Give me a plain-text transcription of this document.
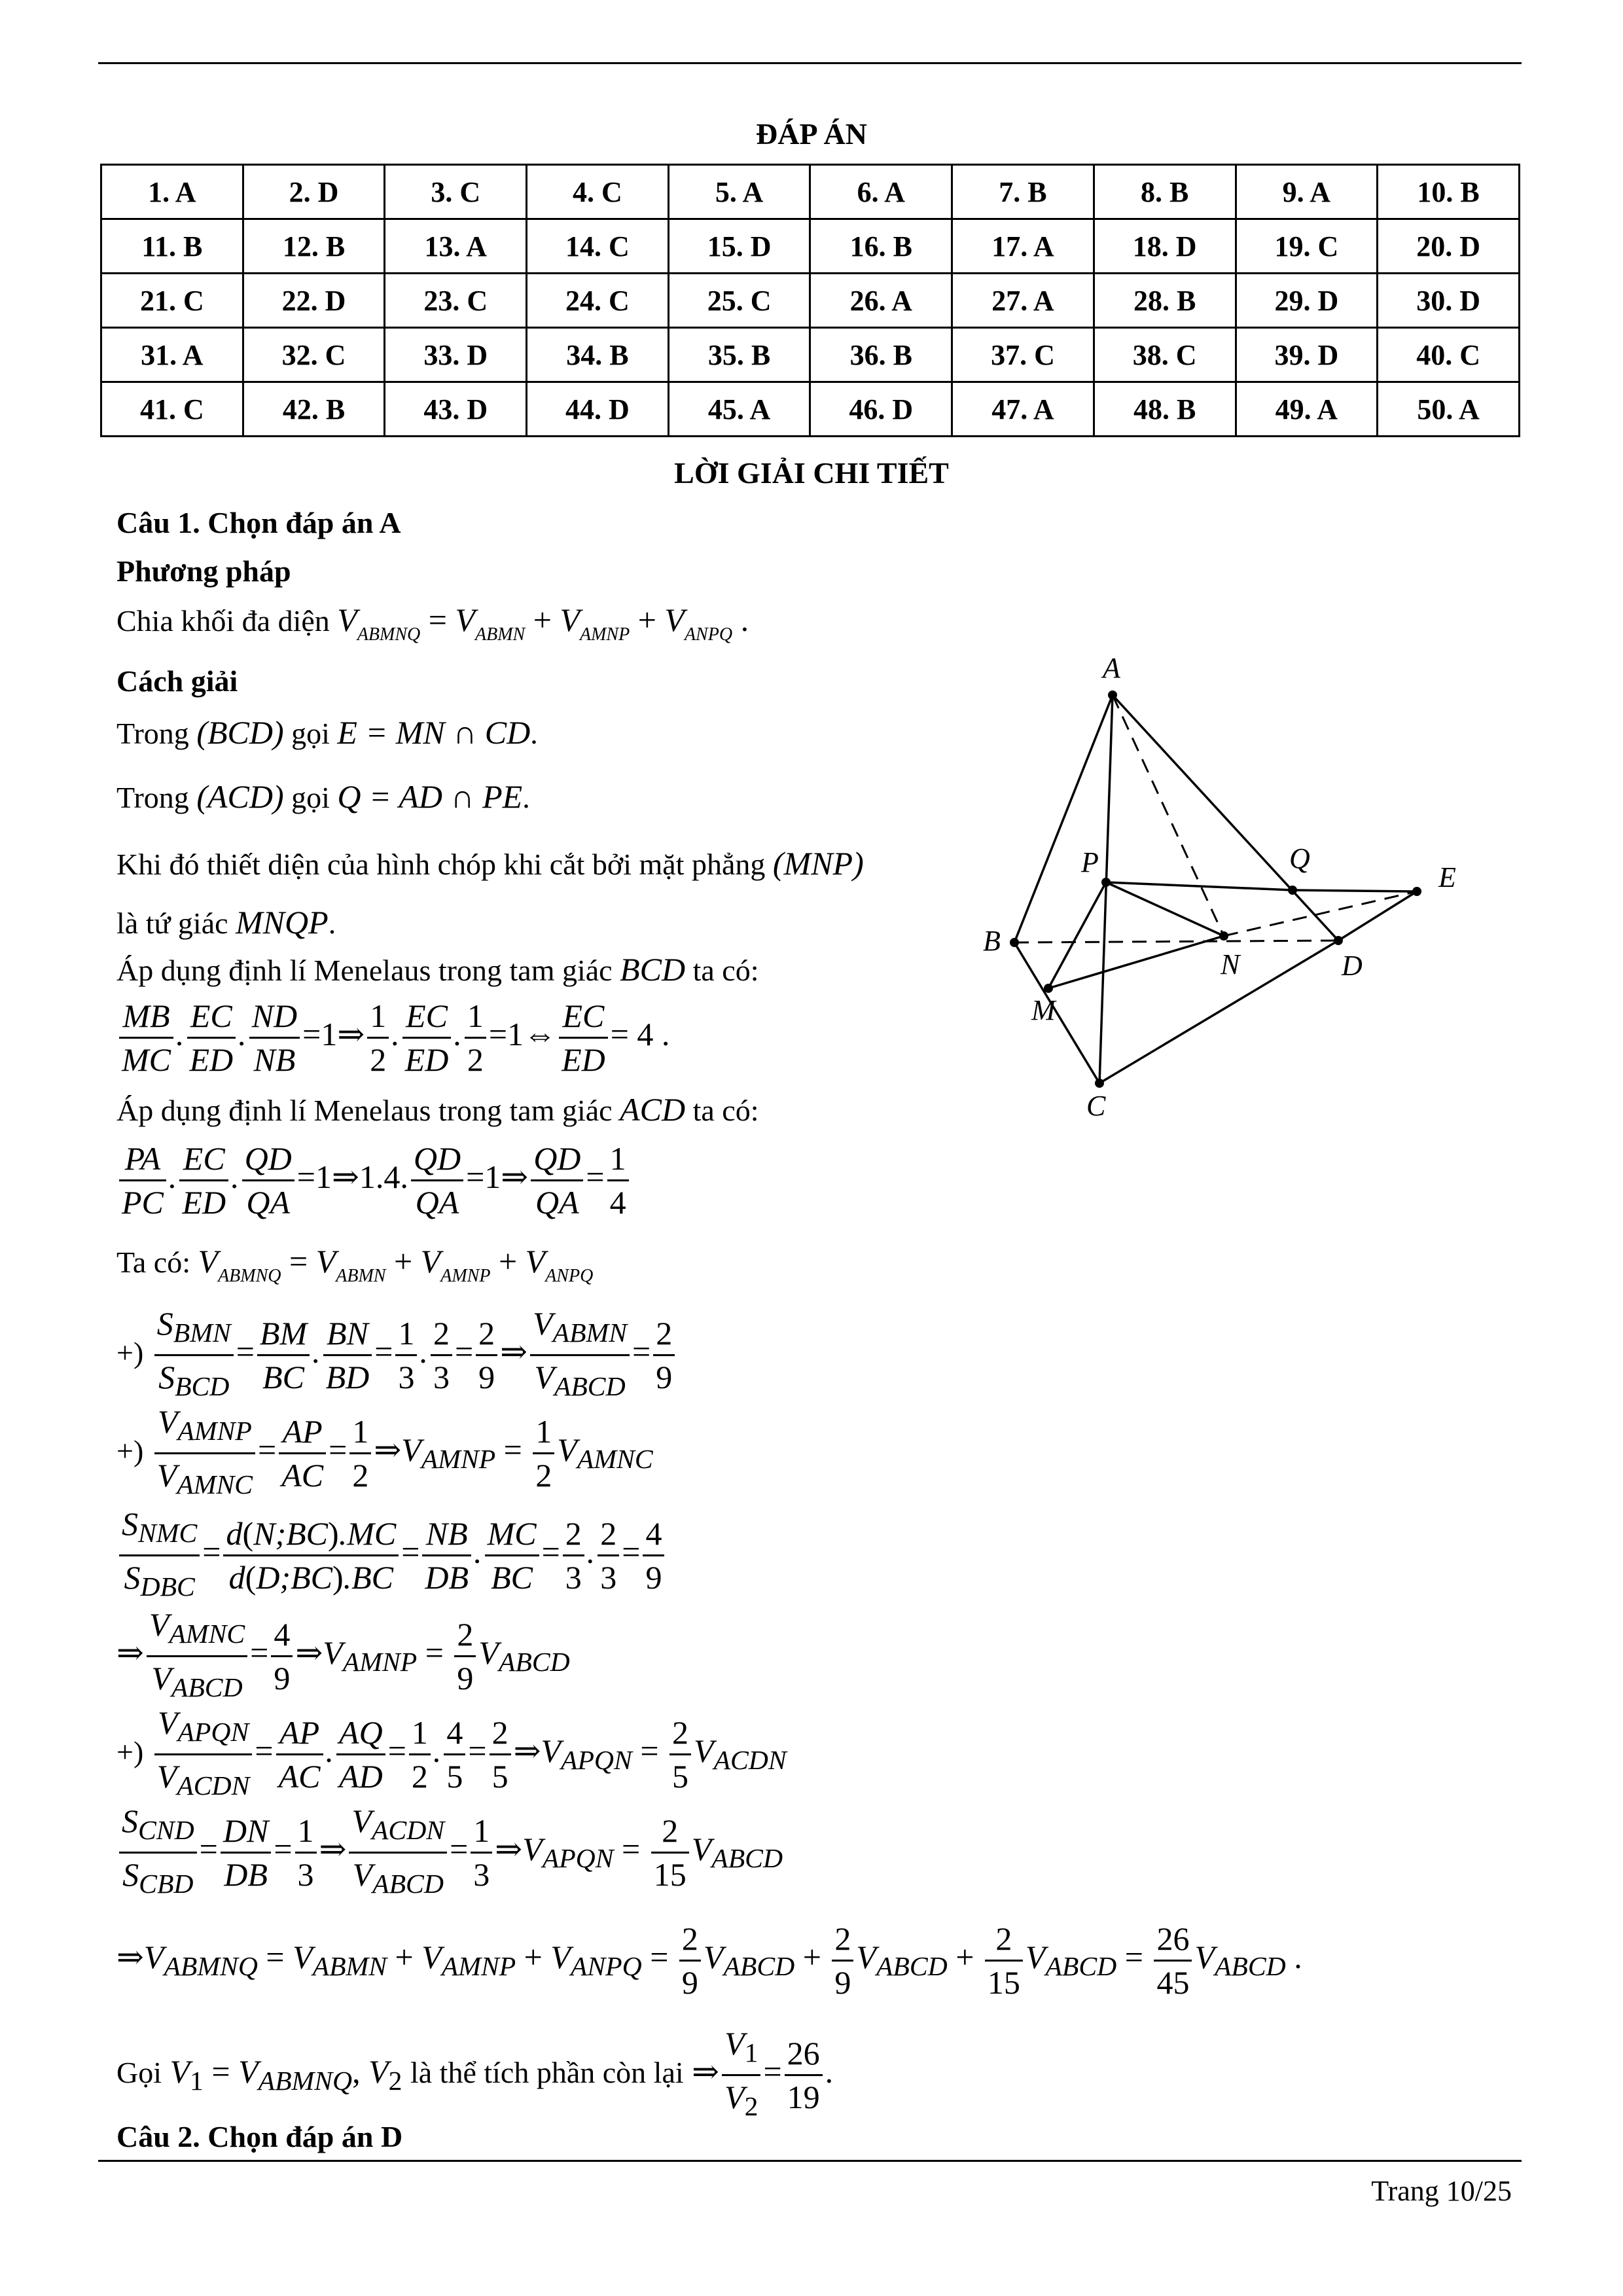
ĐÁP ÁN
1. A	2. D	3. C	4. C	5. A	6. A	7. B	8. B	9. A	10. B
11. B	12. B	13. A	14. C	15. D	16. B	17. A	18. D	19. C	20. D
21. C	22. D	23. C	24. C	25. C	26. A	27. A	28. B	29. D	30. D
31. A	32. C	33. D	34. B	35. B	36. B	37. C	38. C	39. D	40. C
41. C	42. B	43. D	44. D	45. A	46. D	47. A	48. B	49. A	50. A
LỜI GIẢI CHI TIẾT
Câu 1. Chọn đáp án A
Phương pháp
Chia khối đa diện $V_{ABMNQ} = V_{ABMN} + V_{AMNP} + V_{ANPQ}$ .
Cách giải
Trong (BCD) gọi E = MN ∩ CD.
Trong (ACD) gọi Q = AD ∩ PE.
Khi đó thiết diện của hình chóp khi cắt bởi mặt phẳng (MNP)
là tứ giác MNQP.
Áp dụng định lí Menelaus trong tam giác BCD ta có:
$\frac{MB}{MC}$ . $\frac{EC}{ED}$ . $\frac{ND}{NB}$ =1⇒ $\frac{1}{2}$ . $\frac{EC}{ED}$ . $\frac{1}{2}$ =1⇔ $\frac{EC}{ED} = 4$ .
Áp dụng định lí Menelaus trong tam giác ACD ta có:
$\frac{PA}{PC}$ . $\frac{EC}{ED}$ . $\frac{QD}{QA}$ =1⇒1.4. $\frac{QD}{QA}$ =1⇒ $\frac{QD}{QA} = \frac{1}{4}$
Ta có: $V_{ABMNQ} = V_{ABMN} + V_{AMNP} + V_{ANPQ}$
+) $\frac{S_{BMN}}{S_{BCD}} = \frac{BM}{BC}$ . $\frac{BN}{BD} = \frac{1}{3}$ . $\frac{2}{3} = \frac{2}{9}$ ⇒ $\frac{V_{ABMN}}{V_{ABCD}} = \frac{2}{9}$
+) $\frac{V_{AMNP}}{V_{AMNC}} = \frac{AP}{AC} = \frac{1}{2}$ $\Rightarrow V_{AMNP} = \frac{1}{2} V_{AMNC}$
$\frac{S_{NMC}}{S_{DBC}} = \frac{d(N;BC).MC}{d(D;BC).BC} = \frac{NB}{DB}$ . $\frac{MC}{BC} = \frac{2}{3}$ . $\frac{2}{3} = \frac{4}{9}$
⇒ $\frac{V_{AMNC}}{V_{ABCD}} = \frac{4}{9}$ $\Rightarrow V_{AMNP} = \frac{2}{9} V_{ABCD}$
+) $\frac{V_{APQN}}{V_{ACDN}} = \frac{AP}{AC}$ . $\frac{AQ}{AD} = \frac{1}{2}$ . $\frac{4}{5} = \frac{2}{5}$ $\Rightarrow V_{APQN} = \frac{2}{5} V_{ACDN}$
$\frac{S_{CND}}{S_{CBD}} = \frac{DN}{DB} = \frac{1}{3}$ ⇒ $\frac{V_{ACDN}}{V_{ABCD}} = \frac{1}{3}$ $\Rightarrow V_{APQN} = \frac{2}{15} V_{ABCD}$
$\Rightarrow V_{ABMNQ} = V_{ABMN} + V_{AMNP} + V_{ANPQ} = \frac{2}{9} V_{ABCD} + \frac{2}{9} V_{ABCD} + \frac{2}{15} V_{ABCD} = \frac{26}{45} V_{ABCD}$ .
Gọi $V_1 = V_{ABMNQ}$, $V_2$ là thể tích phần còn lại ⇒ $\frac{V_1}{V_2} = \frac{26}{19}$ .
Câu 2. Chọn đáp án D
Trang 10/25
A
B
C
D
M
N
P	Q
E
